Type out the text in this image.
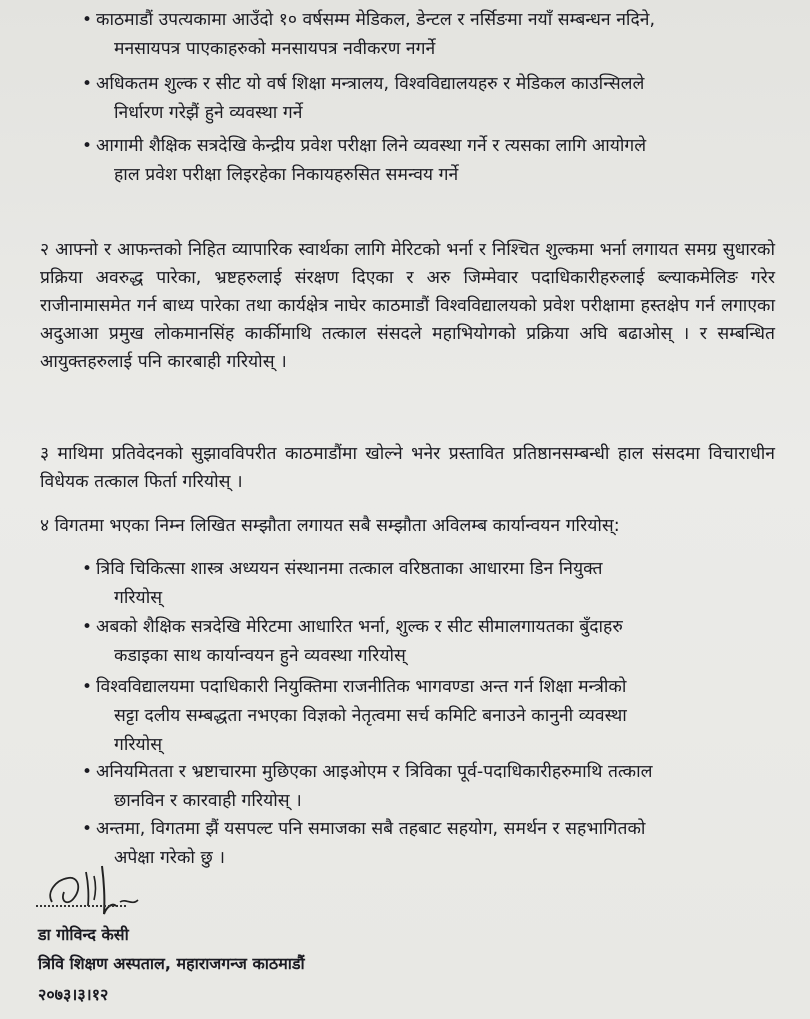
• काठमाडौं उपत्यकामा आउँदो १० वर्षसम्म मेडिकल, डेन्टल र नर्सिङमा नयाँ सम्बन्धन नदिने,
मनसायपत्र पाएकाहरुको मनसायपत्र नवीकरण नगर्ने
• अधिकतम शुल्क र सीट यो वर्ष शिक्षा मन्त्रालय, विश्वविद्यालयहरु र मेडिकल काउन्सिलले
निर्धारण गरेझैं हुने व्यवस्था गर्ने
• आगामी शैक्षिक सत्रदेखि केन्द्रीय प्रवेश परीक्षा लिने व्यवस्था गर्ने र त्यसका लागि आयोगले
हाल प्रवेश परीक्षा लिइरहेका निकायहरुसित समन्वय गर्ने
२ आफ्नो र आफन्तको निहित व्यापारिक स्वार्थका लागि मेरिटको भर्ना र निश्चित शुल्कमा भर्ना लगायत समग्र सुधारको प्रक्रिया अवरुद्ध पारेका, भ्रष्टहरुलाई संरक्षण दिएका र अरु जिम्मेवार पदाधिकारीहरुलाई ब्ल्याकमेलिङ गरेर राजीनामासमेत गर्न बाध्य पारेका तथा कार्यक्षेत्र नाघेर काठमाडौं विश्वविद्यालयको प्रवेश परीक्षामा हस्तक्षेप गर्न लगाएका अदुआआ प्रमुख लोकमानसिंह कार्कीमाथि तत्काल संसदले महाभियोगको प्रक्रिया अघि बढाओस् । र सम्बन्धित आयुक्तहरुलाई पनि कारबाही गरियोस् ।
३ माथिमा प्रतिवेदनको सुझावविपरीत काठमाडौंमा खोल्ने भनेर प्रस्तावित प्रतिष्ठानसम्बन्धी हाल संसदमा विचाराधीन विधेयक तत्काल फिर्ता गरियोस् ।
४ विगतमा भएका निम्न लिखित सम्झौता लगायत सबै सम्झौता अविलम्ब कार्यान्वयन गरियोस्:
• त्रिवि चिकित्सा शास्त्र अध्ययन संस्थानमा तत्काल वरिष्ठताका आधारमा डिन नियुक्त
गरियोस्
• अबको शैक्षिक सत्रदेखि मेरिटमा आधारित भर्ना, शुल्क र सीट सीमालगायतका बुँदाहरु
कडाइका साथ कार्यान्वयन हुने व्यवस्था गरियोस्
• विश्वविद्यालयमा पदाधिकारी नियुक्तिमा राजनीतिक भागवण्डा अन्त गर्न शिक्षा मन्त्रीको
सट्टा दलीय सम्बद्धता नभएका विज्ञको नेतृत्वमा सर्च कमिटि बनाउने कानुनी व्यवस्था
गरियोस्
• अनियमितता र भ्रष्टाचारमा मुछिएका आइओएम र त्रिविका पूर्व-पदाधिकारीहरुमाथि तत्काल
छानविन र कारवाही गरियोस् ।
• अन्तमा, विगतमा झैं यसपल्ट पनि समाजका सबै तहबाट सहयोग, समर्थन र सहभागितको
अपेक्षा गरेको छु ।
डा गोविन्द केसी
त्रिवि शिक्षण अस्पताल, महाराजगन्ज काठमाडौं
२०७३।३।१२
